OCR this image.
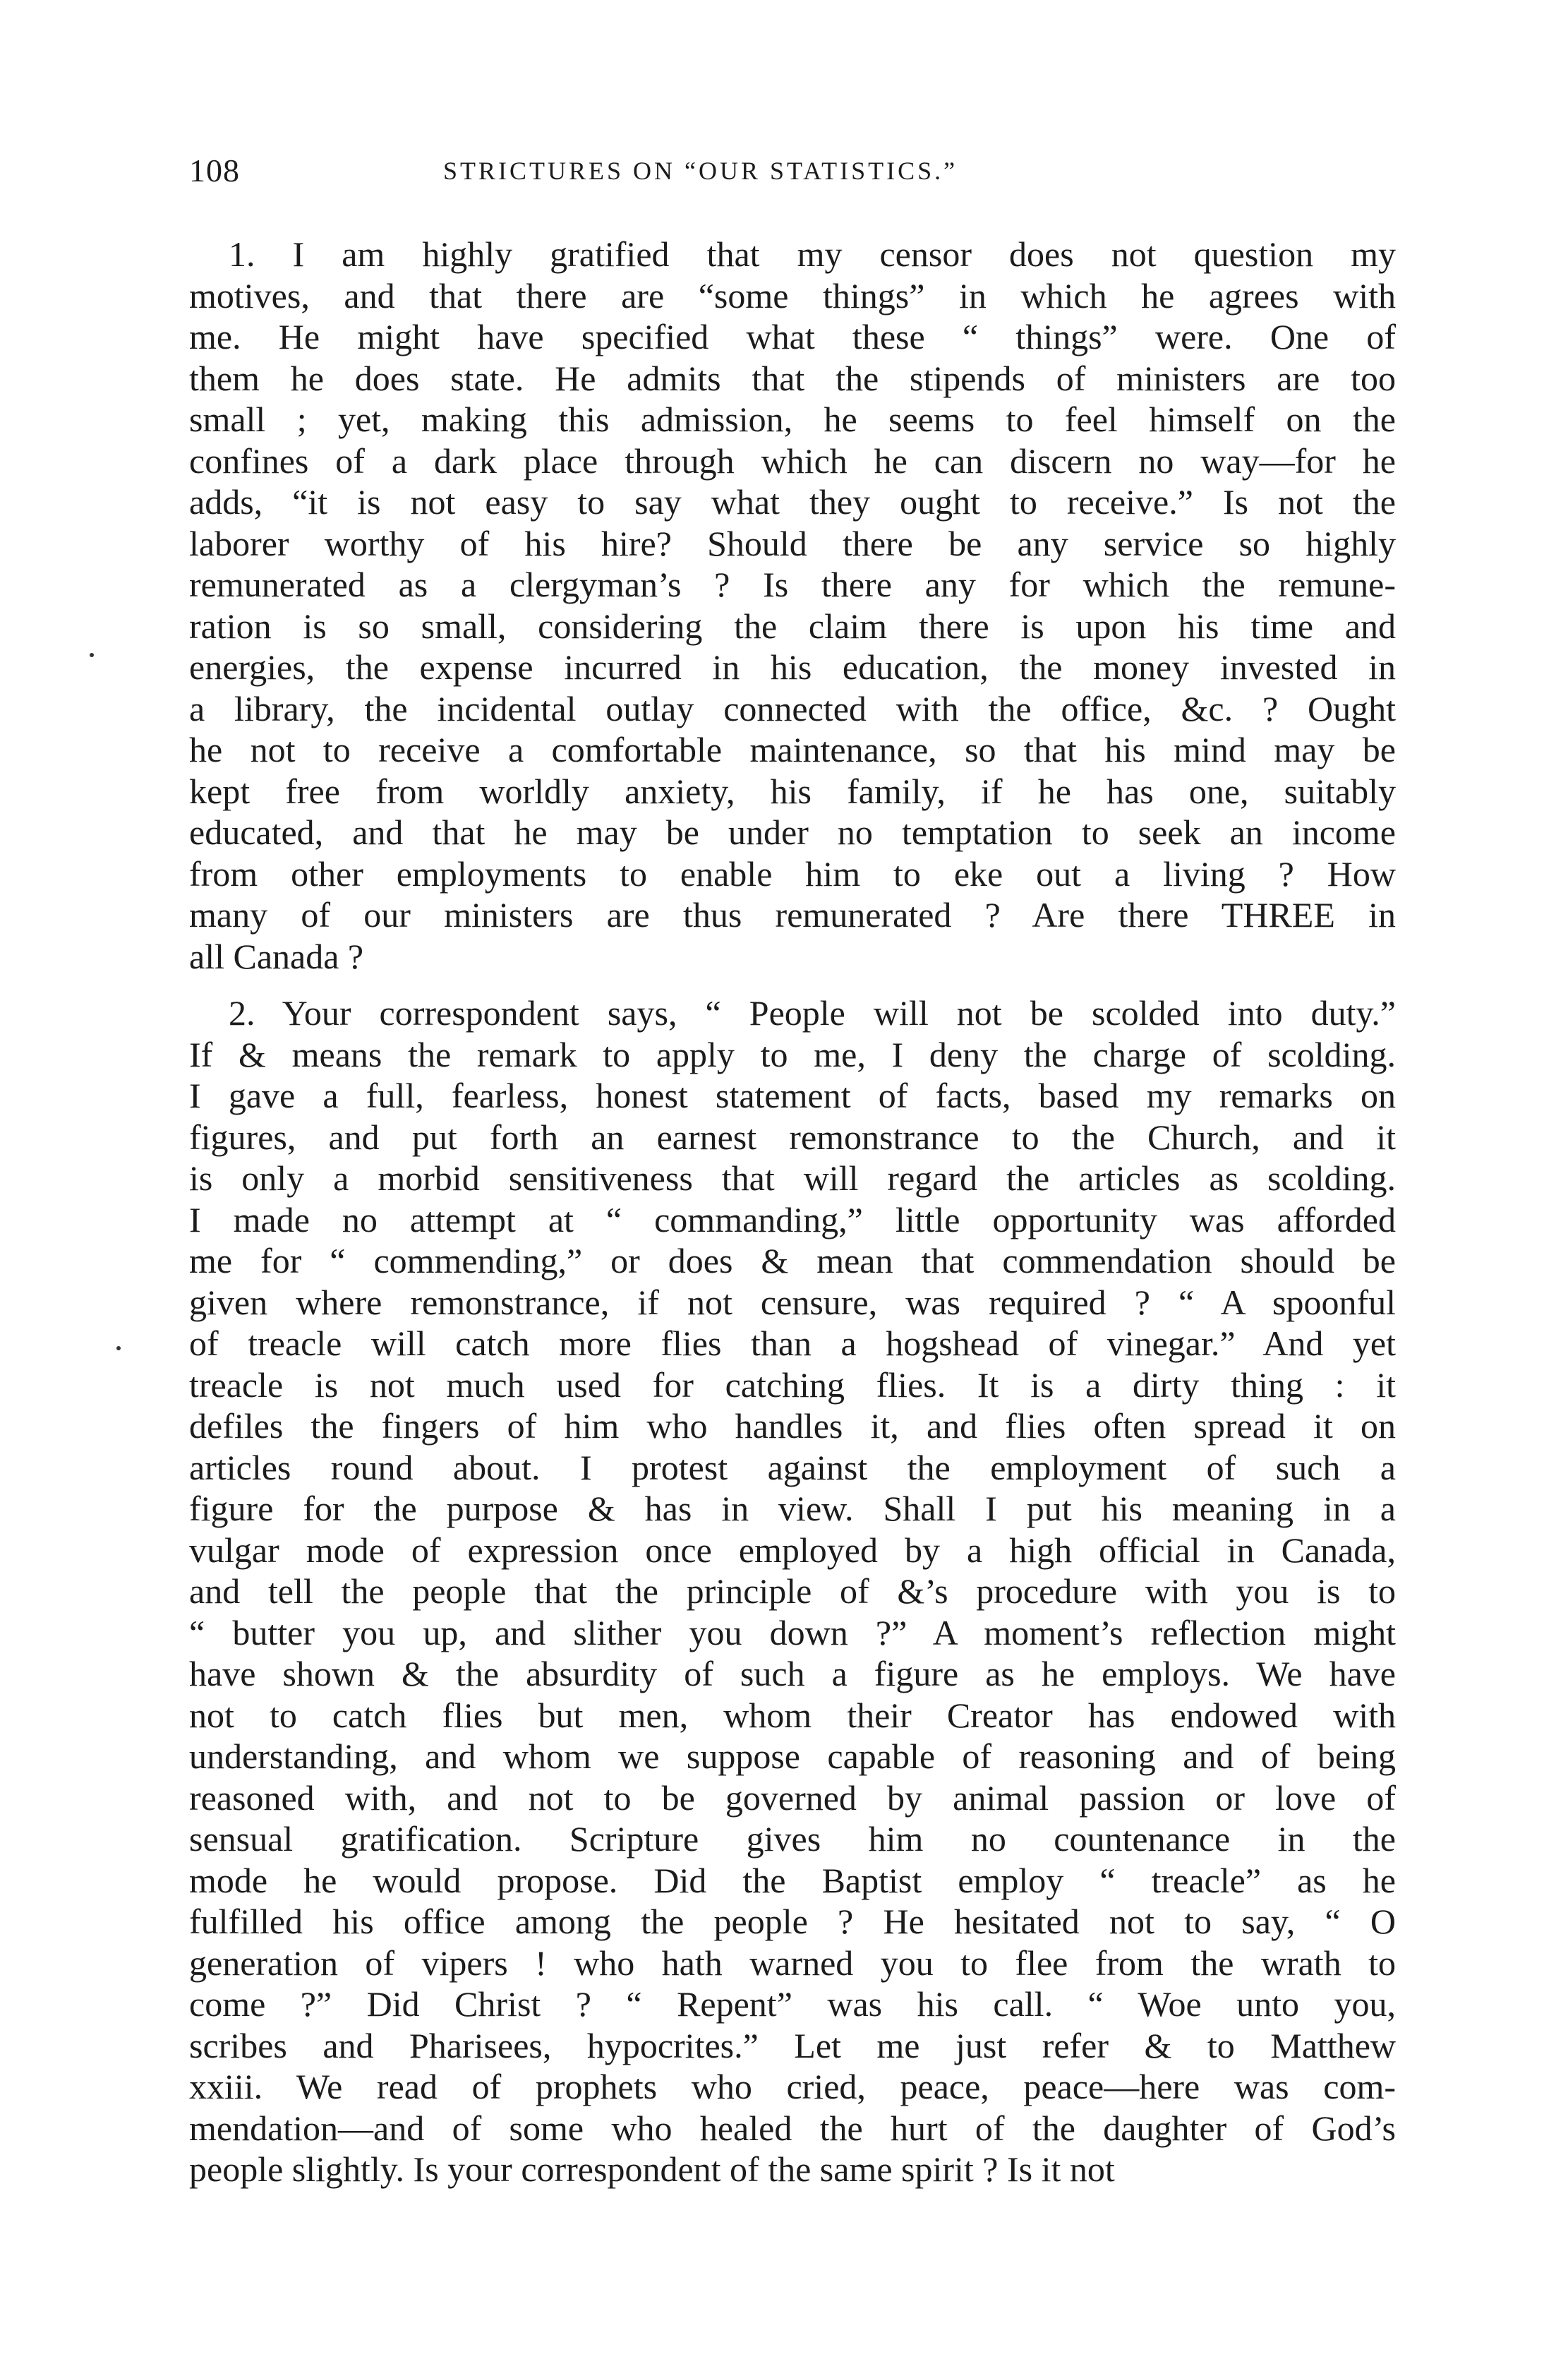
108	STRICTURES ON “OUR STATISTICS.”
1. I am highly gratified that my censor does not question my
motives, and that there are “some things” in which he agrees with
me. He might have specified what these “ things” were. One of
them he does state. He admits that the stipends of ministers are too
small ; yet, making this admission, he seems to feel himself on the
confines of a dark place through which he can discern no way—for he
adds, “it is not easy to say what they ought to receive.” Is not the
laborer worthy of his hire? Should there be any service so highly
remunerated as a clergyman’s ? Is there any for which the remune-
ration is so small, considering the claim there is upon his time and
energies, the expense incurred in his education, the money invested in
a library, the incidental outlay connected with the office, &c. ? Ought
he not to receive a comfortable maintenance, so that his mind may be
kept free from worldly anxiety, his family, if he has one, suitably
educated, and that he may be under no temptation to seek an income
from other employments to enable him to eke out a living ? How
many of our ministers are thus remunerated ? Are there THREE in
all Canada ?
2. Your correspondent says, “ People will not be scolded into duty.”
If & means the remark to apply to me, I deny the charge of scolding.
I gave a full, fearless, honest statement of facts, based my remarks on
figures, and put forth an earnest remonstrance to the Church, and it
is only a morbid sensitiveness that will regard the articles as scolding.
I made no attempt at “ commanding,” little opportunity was afforded
me for “ commending,” or does & mean that commendation should be
given where remonstrance, if not censure, was required ? “ A spoonful
of treacle will catch more flies than a hogshead of vinegar.” And yet
treacle is not much used for catching flies. It is a dirty thing : it
defiles the fingers of him who handles it, and flies often spread it on
articles round about. I protest against the employment of such a
figure for the purpose & has in view. Shall I put his meaning in a
vulgar mode of expression once employed by a high official in Canada,
and tell the people that the principle of &’s procedure with you is to
“ butter you up, and slither you down ?” A moment’s reflection might
have shown & the absurdity of such a figure as he employs. We have
not to catch flies but men, whom their Creator has endowed with
understanding, and whom we suppose capable of reasoning and of being
reasoned with, and not to be governed by animal passion or love of
sensual gratification. Scripture gives him no countenance in the
mode he would propose. Did the Baptist employ “ treacle” as he
fulfilled his office among the people ? He hesitated not to say, “ O
generation of vipers ! who hath warned you to flee from the wrath to
come ?” Did Christ ? “ Repent” was his call. “ Woe unto you,
scribes and Pharisees, hypocrites.” Let me just refer & to Matthew
xxiii. We read of prophets who cried, peace, peace—here was com-
mendation—and of some who healed the hurt of the daughter of God’s
people slightly. Is your correspondent of the same spirit ? Is it not
